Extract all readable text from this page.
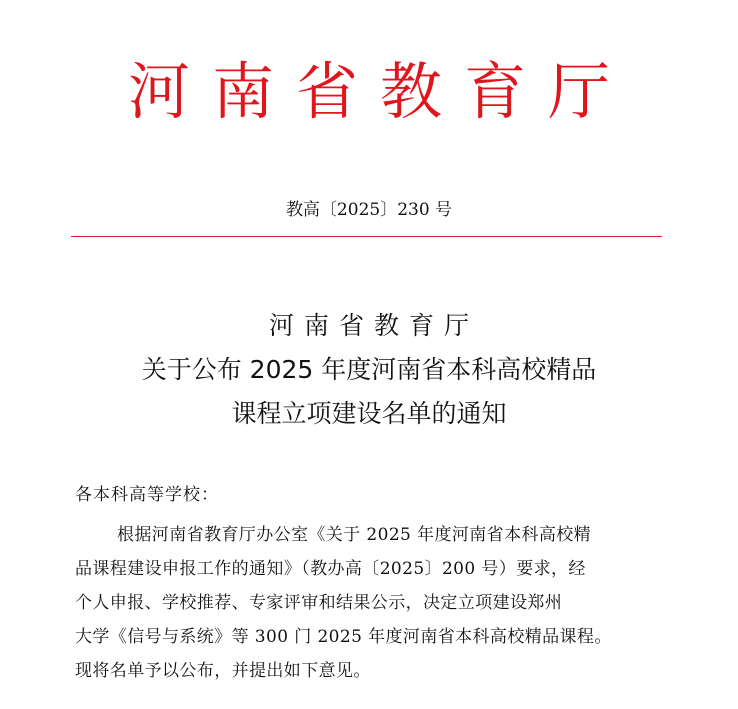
河南省教育厅
教高〔2025〕230 号
河南省教育厅
关于公布 2025 年度河南省本科高校精品
课程立项建设名单的通知
各本科高等学校：
根据河南省教育厅办公室《关于 2025 年度河南省本科高校精
品课程建设申报工作的通知》（教办高〔2025〕200 号）要求，经
个人申报、学校推荐、专家评审和结果公示，决定立项建设郑州
大学《信号与系统》等 300 门 2025 年度河南省本科高校精品课程。
现将名单予以公布，并提出如下意见。
